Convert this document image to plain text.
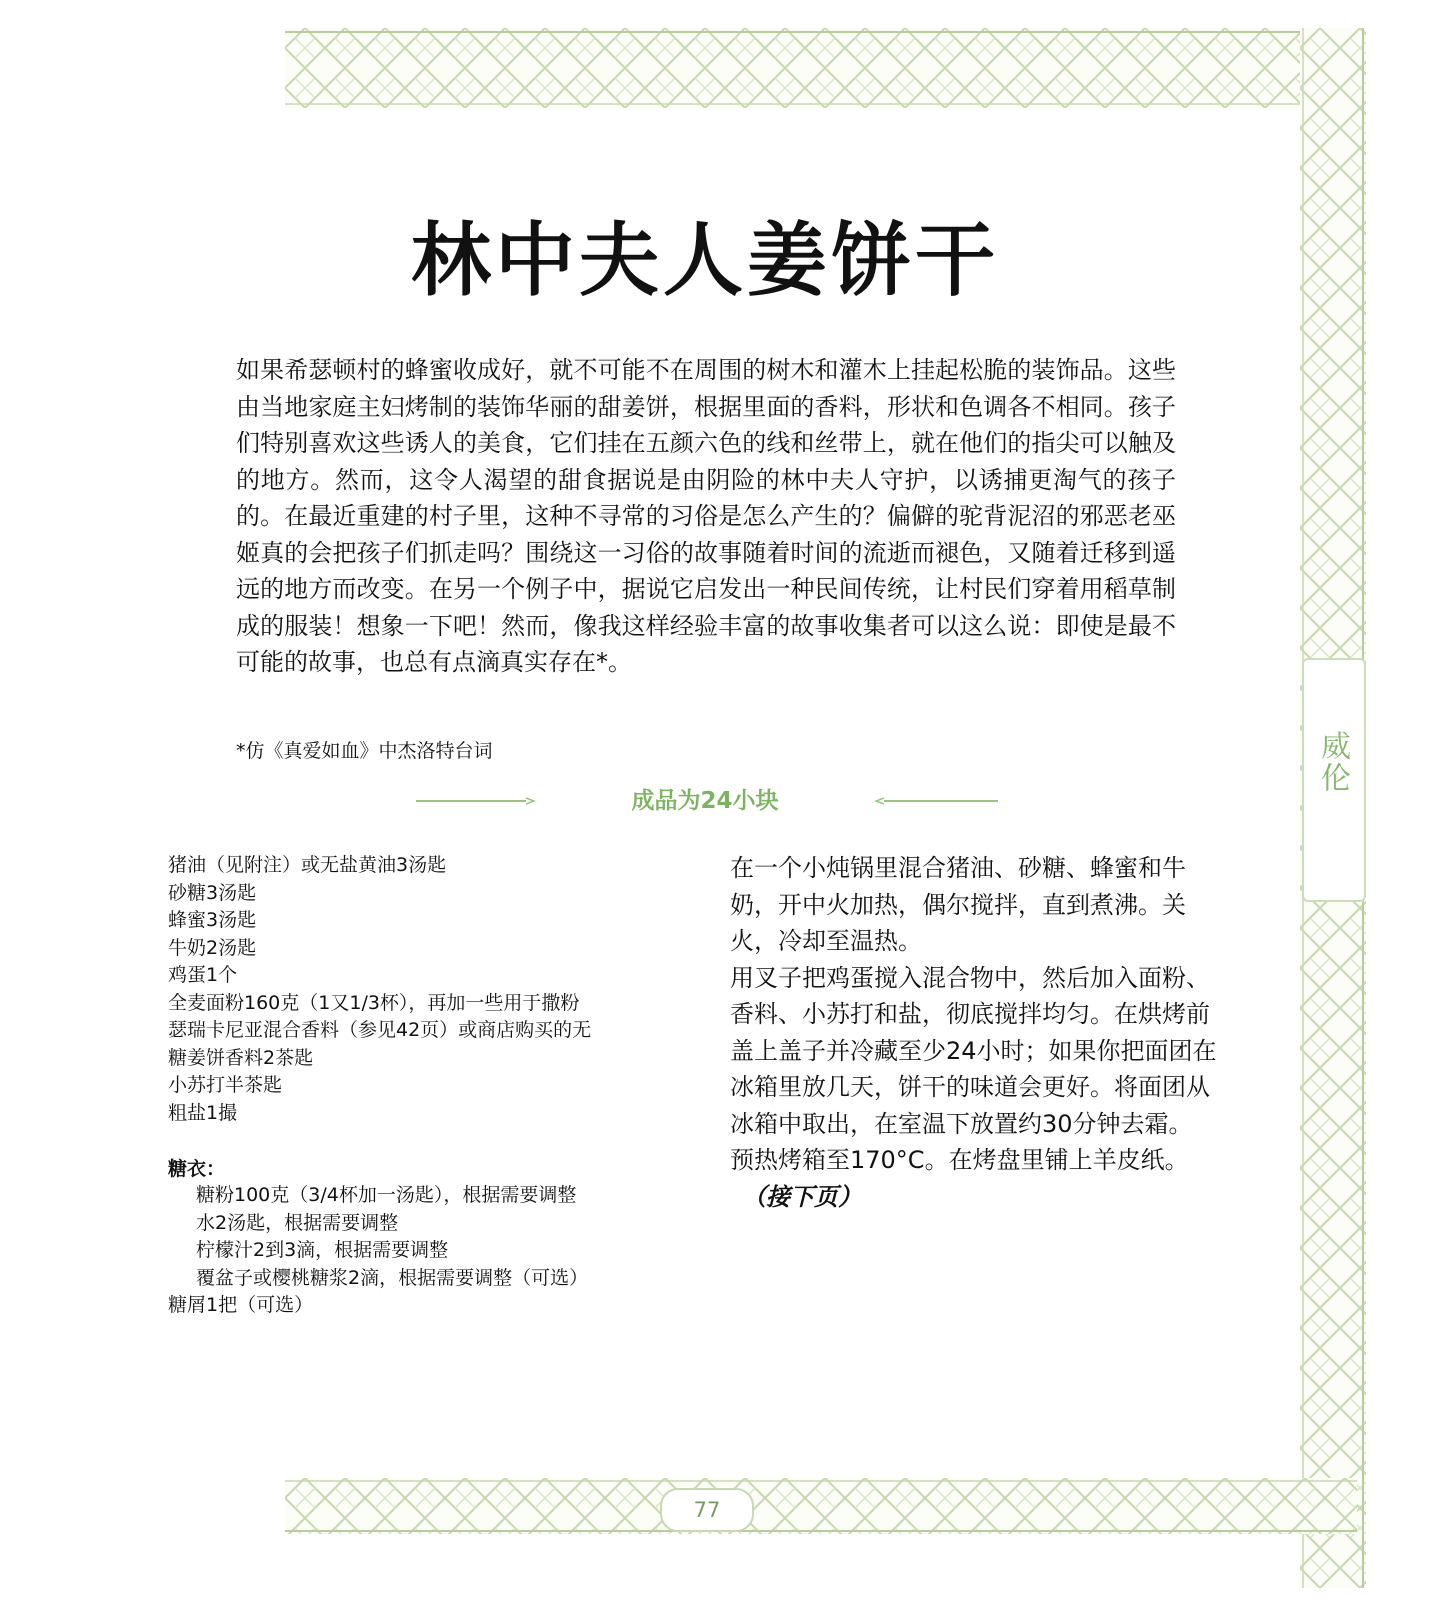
77
威伦
林中夫人姜饼干

如果希瑟顿村的蜂蜜收成好，就不可能不在周围的树木和灌木上挂起松脆的装饰品。这些由当地家庭主妇烤制的装饰华丽的甜姜饼，根据里面的香料，形状和色调各不相同。孩子们特别喜欢这些诱人的美食，它们挂在五颜六色的线和丝带上，就在他们的指尖可以触及的地方。然而，这令人渴望的甜食据说是由阴险的林中夫人守护，以诱捕更淘气的孩子的。在最近重建的村子里，这种不寻常的习俗是怎么产生的？偏僻的驼背泥沼的邪恶老巫姬真的会把孩子们抓走吗？围绕这一习俗的故事随着时间的流逝而褪色，又随着迁移到遥远的地方而改变。在另一个例子中，据说它启发出一种民间传统，让村民们穿着用稻草制成的服装！想象一下吧！然而，像我这样经验丰富的故事收集者可以这么说：即使是最不可能的故事，也总有点滴真实存在*。

*仿《真爱如血》中杰洛特台词

成品为24小块
猪油（见附注）或无盐黄油3汤匙
砂糖3汤匙
蜂蜜3汤匙
牛奶2汤匙
鸡蛋1个
全麦面粉160克（1又1/3杯），再加一些用于撒粉
瑟瑞卡尼亚混合香料（参见42页）或商店购买的无
糖姜饼香料2茶匙
小苏打半茶匙
粗盐1撮

糖衣：

糖粉100克（3/4杯加一汤匙），根据需要调整
水2汤匙，根据需要调整
柠檬汁2到3滴，根据需要调整
覆盆子或樱桃糖浆2滴，根据需要调整（可选）

糖屑1把（可选）

在一个小炖锅里混合猪油、砂糖、蜂蜜和牛奶，开中火加热，偶尔搅拌，直到煮沸。关火，冷却至温热。

用叉子把鸡蛋搅入混合物中，然后加入面粉、香料、小苏打和盐，彻底搅拌均匀。在烘烤前盖上盖子并冷藏至少24小时；如果你把面团在冰箱里放几天，饼干的味道会更好。将面团从冰箱中取出，在室温下放置约30分钟去霜。

预热烤箱至170°C。在烤盘里铺上羊皮纸。

（接下页）
